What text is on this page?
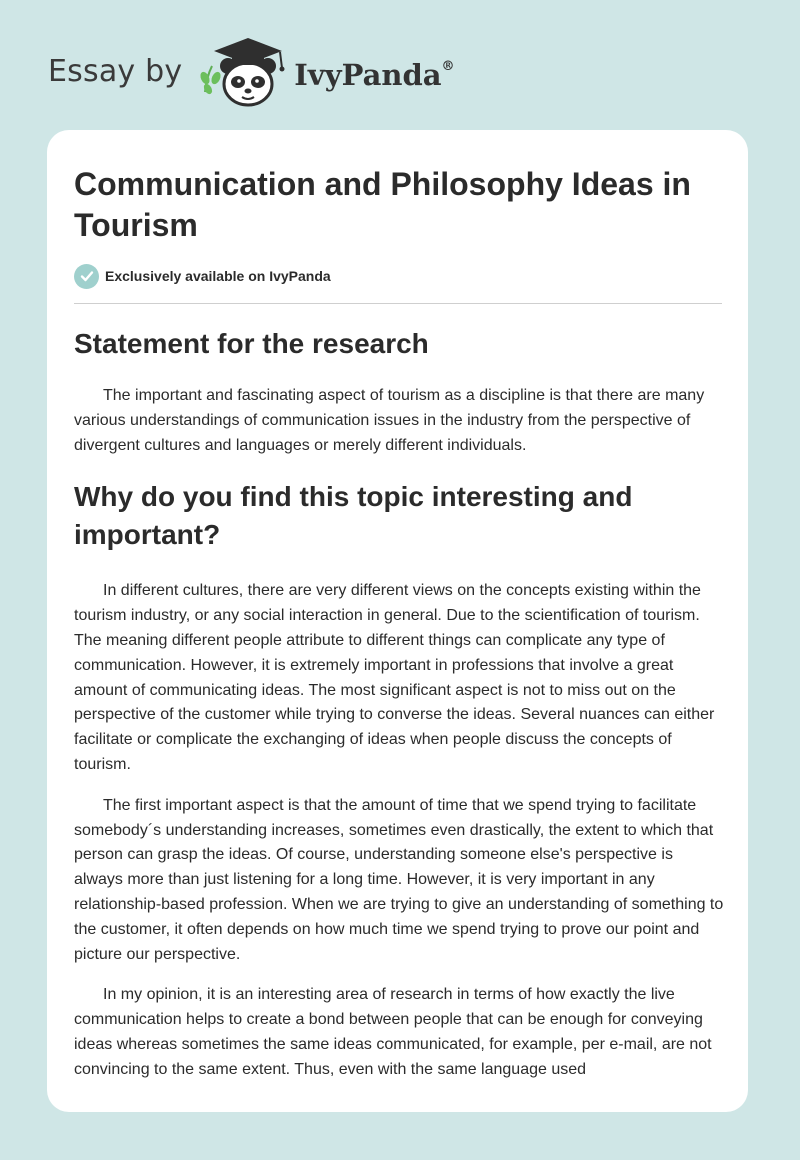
Essay by	IvyPanda®
Communication and Philosophy Ideas in Tourism
Exclusively available on IvyPanda
Statement for the research

The important and fascinating aspect of tourism as a discipline is that there are many various understandings of communication issues in the industry from the perspective of divergent cultures and languages or merely different individuals.

Why do you find this topic interesting and important?

In different cultures, there are very different views on the concepts existing within the tourism industry, or any social interaction in general. Due to the scientification of tourism. The meaning different people attribute to different things can complicate any type of communication. However, it is extremely important in professions that involve a great amount of communicating ideas. The most significant aspect is not to miss out on the perspective of the customer while trying to converse the ideas. Several nuances can either facilitate or complicate the exchanging of ideas when people discuss the concepts of tourism.

The first important aspect is that the amount of time that we spend trying to facilitate somebody´s understanding increases, sometimes even drastically, the extent to which that person can grasp the ideas. Of course, understanding someone else's perspective is always more than just listening for a long time. However, it is very important in any relationship-based profession. When we are trying to give an understanding of something to the customer, it often depends on how much time we spend trying to prove our point and picture our perspective.

In my opinion, it is an interesting area of research in terms of how exactly the live communication helps to create a bond between people that can be enough for conveying ideas whereas sometimes the same ideas communicated, for example, per e-mail, are not convincing to the same extent. Thus, even with the same language used
